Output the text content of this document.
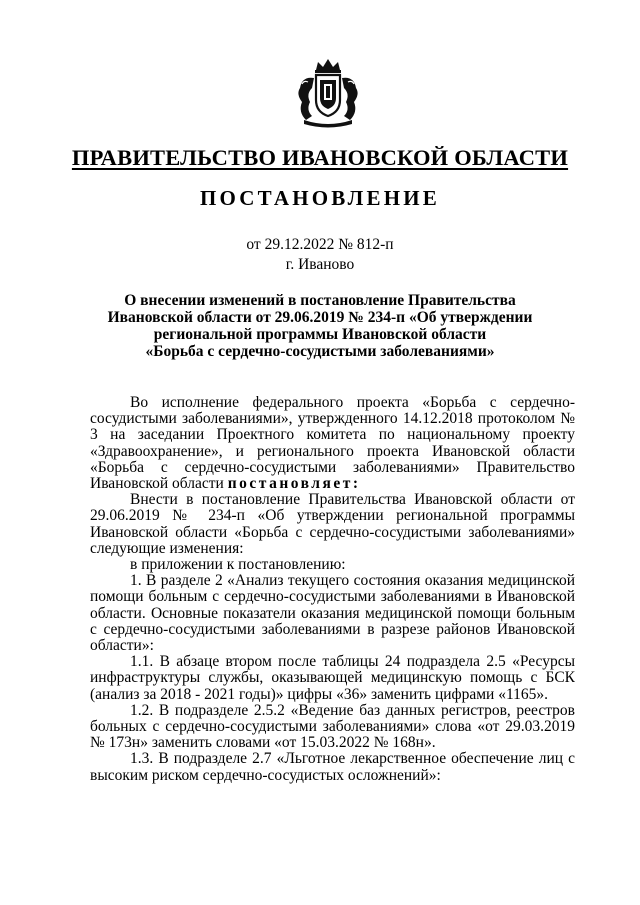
ПРАВИТЕЛЬСТВО ИВАНОВСКОЙ ОБЛАСТИ
ПОСТАНОВЛЕНИЕ
от 29.12.2022 № 812-п
г. Иваново
О внесении изменений в постановление Правительства
Ивановской области от 29.06.2019 № 234-п «Об утверждении
региональной программы Ивановской области
«Борьба с сердечно-сосудистыми заболеваниями»

Во исполнение федерального проекта «Борьба с сердечно-сосудистыми заболеваниями», утвержденного 14.12.2018 протоколом № 3 на заседании Проектного комитета по национальному проекту «Здравоохранение», и регионального проекта Ивановской области «Борьба с сердечно-сосудистыми заболеваниями» Правительство Ивановской области постановляет:

Внести в постановление Правительства Ивановской области от 29.06.2019 № 234-п «Об утверждении региональной программы Ивановской области «Борьба с сердечно-сосудистыми заболеваниями» следующие изменения:

в приложении к постановлению:

1. В разделе 2 «Анализ текущего состояния оказания медицинской помощи больным с сердечно-сосудистыми заболеваниями в Ивановской области. Основные показатели оказания медицинской помощи больным с сердечно-сосудистыми заболеваниями в разрезе районов Ивановской области»:

1.1. В абзаце втором после таблицы 24 подраздела 2.5 «Ресурсы инфраструктуры службы, оказывающей медицинскую помощь с БСК (анализ за 2018 - 2021 годы)» цифры «36» заменить цифрами «1165».

1.2. В подразделе 2.5.2 «Ведение баз данных регистров, реестров больных с сердечно-сосудистыми заболеваниями» слова «от 29.03.2019 № 173н» заменить словами «от 15.03.2022 № 168н».

1.3. В подразделе 2.7 «Льготное лекарственное обеспечение лиц с высоким риском сердечно-сосудистых осложнений»:
